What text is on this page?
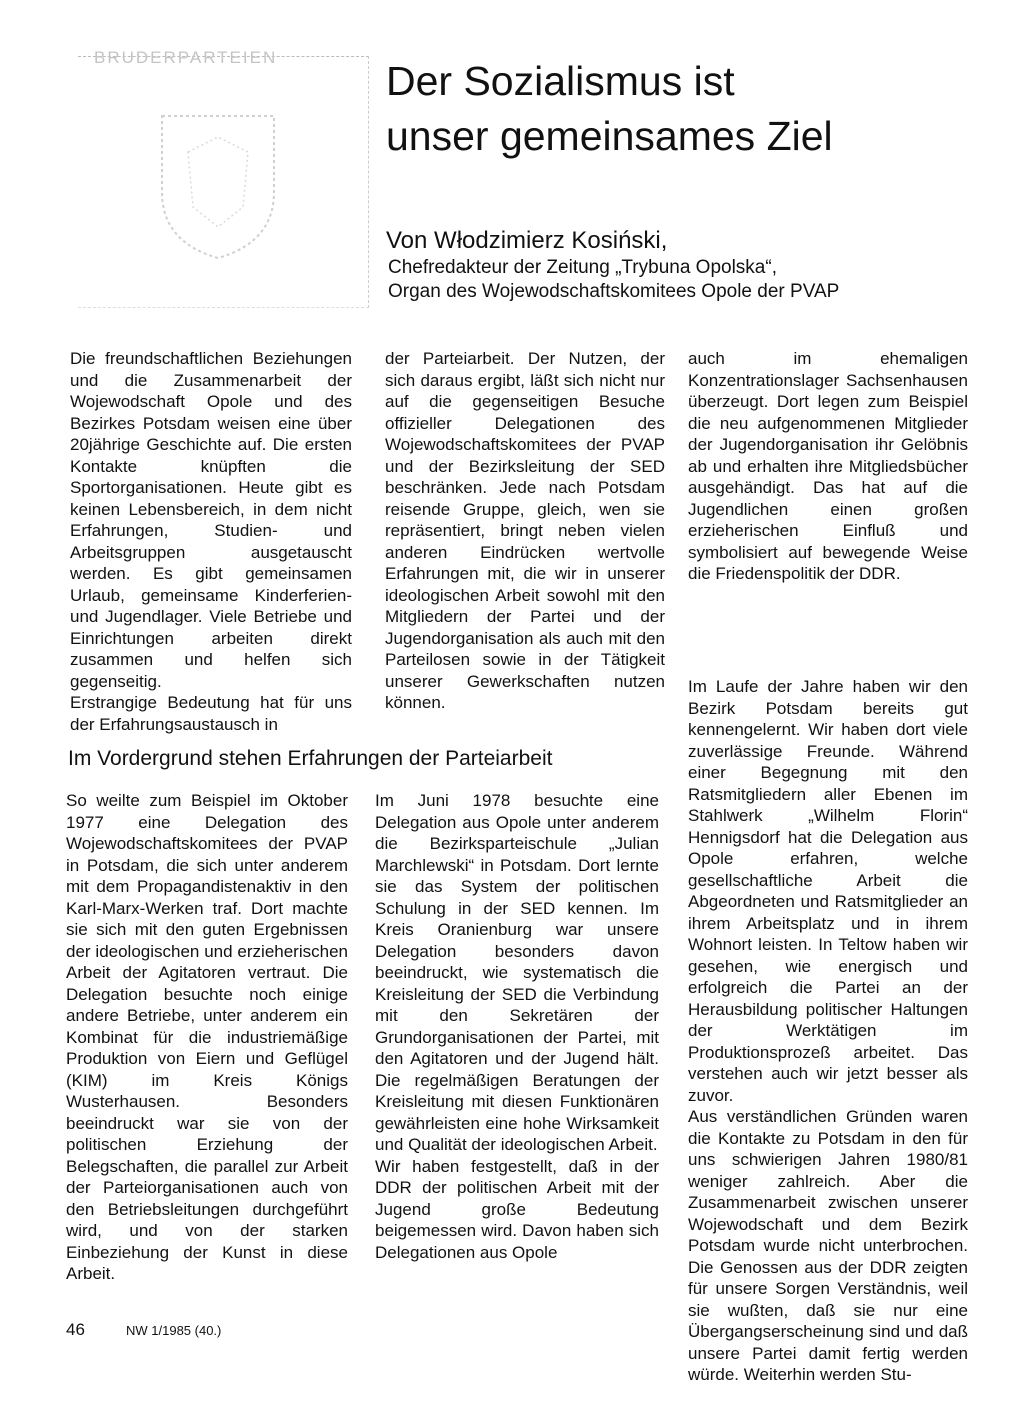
BRUDERPARTEIEN
Der Sozialismus ist
unser gemeinsames Ziel
Von Włodzimierz Kosiński,
Chefredakteur der Zeitung „Trybuna Opolska“,
Organ des Wojewodschaftskomitees Opole der PVAP

Die freundschaftlichen Beziehungen und die Zusammenarbeit der Wojewodschaft Opole und des Bezirkes Potsdam weisen eine über 20jährige Geschichte auf. Die ersten Kontakte knüpften die Sportorganisationen. Heute gibt es keinen Lebensbereich, in dem nicht Erfahrungen, Studien- und Arbeitsgruppen ausgetauscht werden. Es gibt gemeinsamen Urlaub, gemeinsame Kinderferien- und Jugendlager. Viele Betriebe und Einrichtungen arbeiten direkt zusammen und helfen sich gegenseitig.

Erstrangige Bedeutung hat für uns der Erfahrungsaustausch in

der Parteiarbeit. Der Nutzen, der sich daraus ergibt, läßt sich nicht nur auf die gegenseitigen Besuche offizieller Delegationen des Wojewodschaftskomitees der PVAP und der Bezirksleitung der SED beschränken. Jede nach Potsdam reisende Gruppe, gleich, wen sie repräsentiert, bringt neben vielen anderen Eindrücken wertvolle Erfahrungen mit, die wir in unserer ideologischen Arbeit sowohl mit den Mitgliedern der Partei und der Jugendorganisation als auch mit den Parteilosen sowie in der Tätigkeit unserer Gewerkschaften nutzen können.

auch im ehemaligen Konzentrationslager Sachsenhausen überzeugt. Dort legen zum Beispiel die neu aufgenommenen Mitglieder der Jugendorganisation ihr Gelöbnis ab und erhalten ihre Mitgliedsbücher ausgehändigt. Das hat auf die Jugendlichen einen großen erzieherischen Einfluß und symbolisiert auf bewegende Weise die Friedenspolitik der DDR.

Im Vordergrund stehen Erfahrungen der Parteiarbeit

So weilte zum Beispiel im Oktober 1977 eine Delegation des Wojewodschaftskomitees der PVAP in Potsdam, die sich unter anderem mit dem Propagandistenaktiv in den Karl-Marx-Werken traf. Dort machte sie sich mit den guten Ergebnissen der ideologischen und erzieherischen Arbeit der Agitatoren vertraut. Die Delegation besuchte noch einige andere Betriebe, unter anderem ein Kombinat für die industriemäßige Produktion von Eiern und Geflügel (KIM) im Kreis Königs Wusterhausen. Besonders beeindruckt war sie von der politischen Erziehung der Belegschaften, die parallel zur Arbeit der Parteiorganisationen auch von den Betriebsleitungen durchgeführt wird, und von der starken Einbeziehung der Kunst in diese Arbeit.

Im Juni 1978 besuchte eine Delegation aus Opole unter anderem die Bezirksparteischule „Julian Marchlewski“ in Potsdam. Dort lernte sie das System der politischen Schulung in der SED kennen. Im Kreis Oranienburg war unsere Delegation besonders davon beeindruckt, wie systematisch die Kreisleitung der SED die Verbindung mit den Sekretären der Grundorganisationen der Partei, mit den Agitatoren und der Jugend hält. Die regelmäßigen Beratungen der Kreisleitung mit diesen Funktionären gewährleisten eine hohe Wirksamkeit und Qualität der ideologischen Arbeit.

Wir haben festgestellt, daß in der DDR der politischen Arbeit mit der Jugend große Bedeutung beigemessen wird. Davon haben sich Delegationen aus Opole

Im Laufe der Jahre haben wir den Bezirk Potsdam bereits gut kennengelernt. Wir haben dort viele zuverlässige Freunde. Während einer Begegnung mit den Ratsmitgliedern aller Ebenen im Stahlwerk „Wilhelm Florin“ Hennigsdorf hat die Delegation aus Opole erfahren, welche gesellschaftliche Arbeit die Abgeordneten und Ratsmitglieder an ihrem Arbeitsplatz und in ihrem Wohnort leisten. In Teltow haben wir gesehen, wie energisch und erfolgreich die Partei an der Herausbildung politischer Haltungen der Werktätigen im Produktionsprozeß arbeitet. Das verstehen auch wir jetzt besser als zuvor.

Aus verständlichen Gründen waren die Kontakte zu Potsdam in den für uns schwierigen Jahren 1980/81 weniger zahlreich. Aber die Zusammenarbeit zwischen unserer Wojewodschaft und dem Bezirk Potsdam wurde nicht unterbrochen. Die Genossen aus der DDR zeigten für unsere Sorgen Verständnis, weil sie wußten, daß sie nur eine Übergangserscheinung sind und daß unsere Partei damit fertig werden würde. Weiterhin werden Stu-

46	NW 1/1985 (40.)
